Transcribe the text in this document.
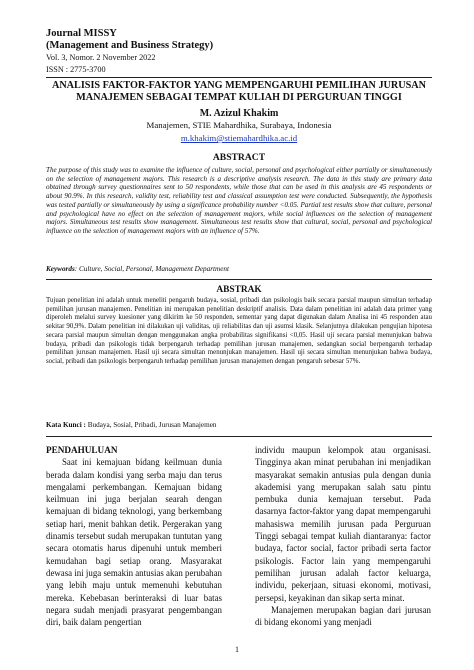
Journal MISSY
(Management and Business Strategy)
Vol. 3, Nomor. 2 November 2022
ISSN : 2775-3700
ANALISIS FAKTOR-FAKTOR YANG MEMPENGARUHI PEMILIHAN JURUSAN
MANAJEMEN SEBAGAI TEMPAT KULIAH DI PERGURUAN TINGGI
M. Azizul Khakim
Manajemen, STIE Mahardhika, Surabaya, Indonesia
m.khakim@stiemahardhika.ac.id
ABSTRACT

The purpose of this study was to examine the influence of culture, social, personal and psychological either partially or simultaneously on the selection of management majors. This research is a descriptive analysis research. The data in this study are primary data obtained through survey questionnaires sent to 50 respondents, while those that can be used in this analysis are 45 respondents or about 90.9%. In this research, validity test, reliability test and classical assumption test were conducted. Subsequently, the hypothesis was tested partially or simultaneously by using a significance probability number <0.05. Partial test results show that culture, personal and psychological have no effect on the selection of management majors, while social influences on the selection of management majors. Simultaneous test results show management. Simultaneous test results show that cultural, social, personal and psychological influence on the selection of management majors with an influence of 57%.

Keywords: Culture, Social, Personal, Management Department
ABSTRAK

Tujuan penelitian ini adalah untuk meneliti pengaruh budaya, sosial, pribadi dan psikologis baik secara parsial maupun simultan terhadap pemilihan jurusan manajemen. Penelitian ini merupakan penelitian deskriptif analisis. Data dalam penelitian ini adalah data primer yang diperoleh melalui survey kuesioner yang dikirim ke 50 responden, sementar yang dapat digunakan dalam Analisa ini 45 responden atau sekitar 90,9%. Dalam penelitian ini dilakukan uji validitas, uji reliabilitas dan uji asumsi klasik. Selanjutnya dilakukan pengujian hipotesa secara parsial maupun simultan dengan menggunakan angka probabilitas signifikansi <0,05. Hasil uji secara parsial menunjukan bahwa budaya, pribadi dan psikologis tidak berpengaruh terhadap pemilihan jurusan manajemen, sedangkan social berpengaruh terhadap pemilihan jurusan manajemen. Hasil uji secara simultan menunjukan manajemen. Hasil uji secara simultan menunjukan bahwa budaya, social, pribadi dan psikologis berpengaruh terhadap pemilihan jurusan manajemen dengan pengaruh sebesar 57%.

Kata Kunci : Budaya, Sosial, Pribadi, Jurusan Manajemen

PENDAHULUAN

Saat ini kemajuan bidang keilmuan dunia berada dalam kondisi yang serba maju dan terus mengalami perkembangan. Kemajuan bidang keilmuan ini juga berjalan searah dengan kemajuan di bidang teknologi, yang berkembang setiap hari, menit bahkan detik. Pergerakan yang dinamis tersebut sudah merupakan tuntutan yang secara otomatis harus dipenuhi untuk memberi kemudahan bagi setiap orang. Masyarakat dewasa ini juga semakin antusias akan perubahan yang lebih maju untuk memenuhi kebutuhan mereka. Kebebasan berinteraksi di luar batas negara sudah menjadi prasyarat pengembangan diri, baik dalam pengertian

individu maupun kelompok atau organisasi. Tingginya akan minat perubahan ini menjadikan masyarakat semakin antusias pula dengan dunia akademisi yang merupakan salah satu pintu pembuka dunia kemajuan tersebut. Pada dasarnya factor-faktor yang dapat mempengaruhi mahasiswa memilih jurusan pada Perguruan Tinggi sebagai tempat kuliah diantaranya: factor budaya, factor social, factor pribadi serta factor psikologis. Factor lain yang mempengaruhi pemilihan jurusan adalah factor keluarga, individu, pekerjaan, situasi ekonomi, motivasi, persepsi, keyakinan dan sikap serta minat.

Manajemen merupakan bagian dari jurusan di bidang ekonomi yang menjadi

1
